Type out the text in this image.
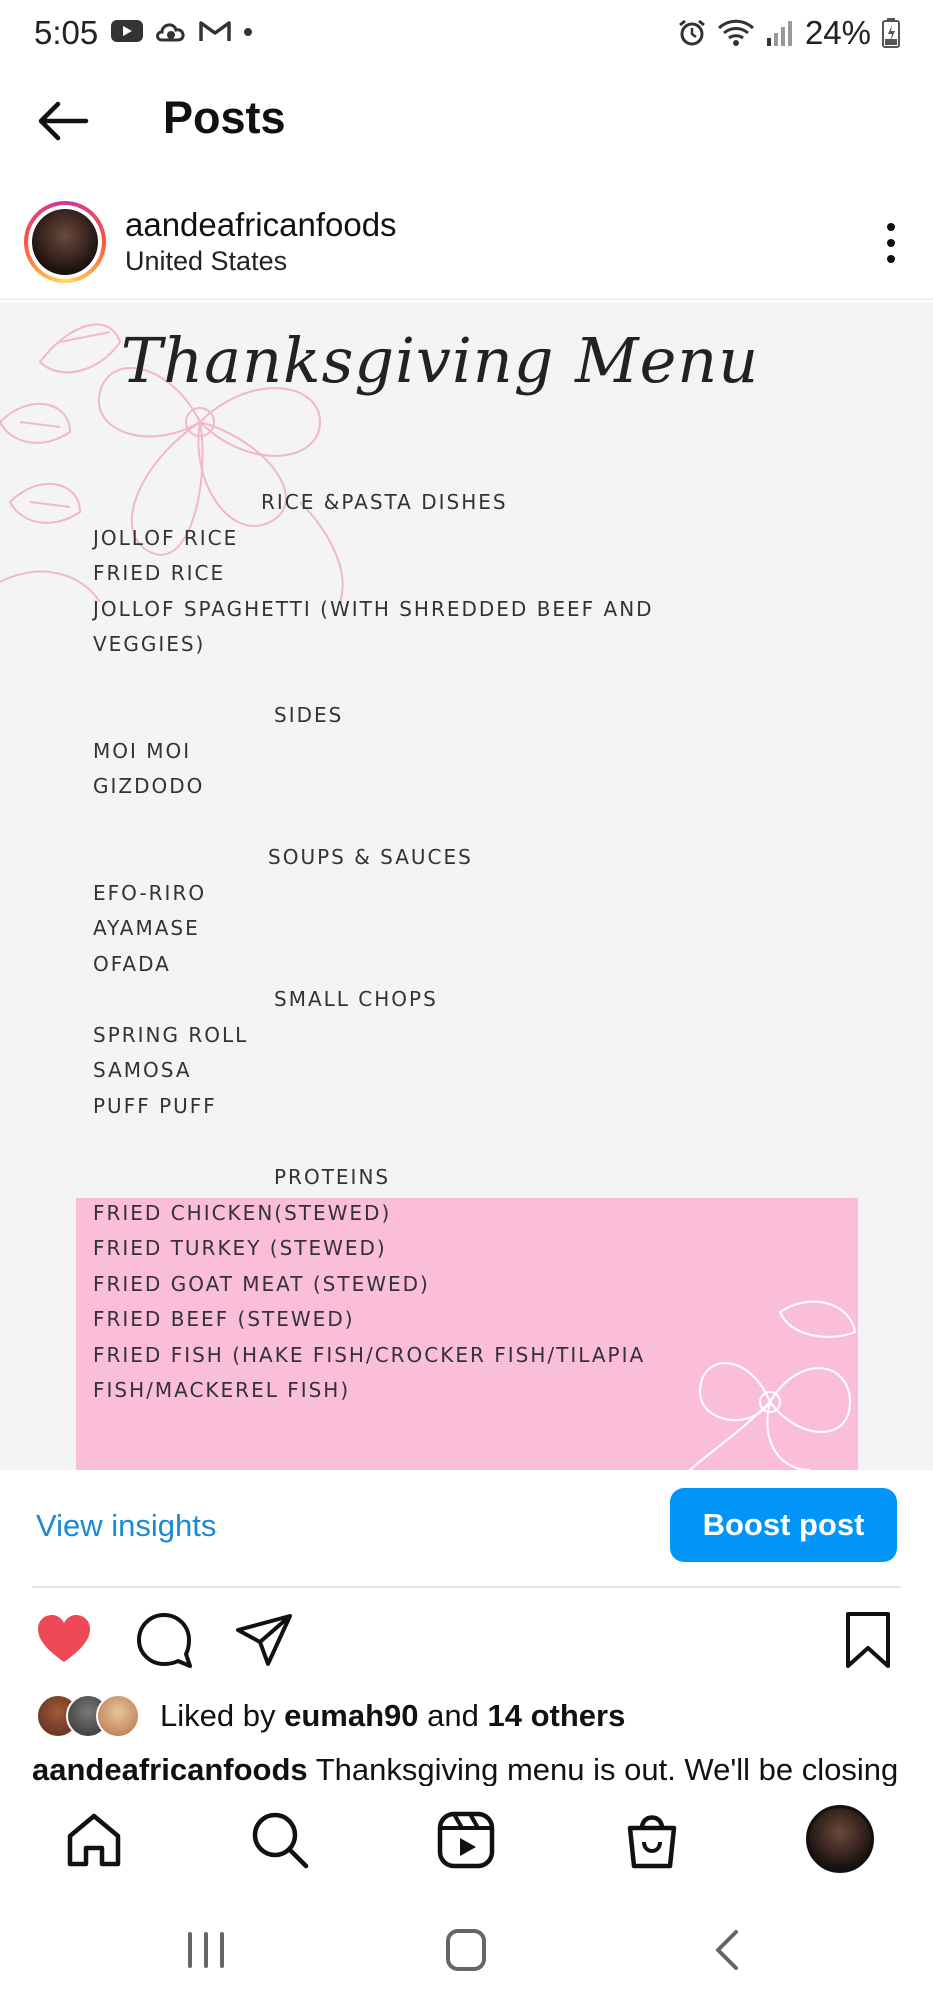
5:05	24%
Posts
aandeafricanfoods
United States
Thanksgiving Menu
RICE &PASTA DISHES
JOLLOF RICE
FRIED RICE
JOLLOF SPAGHETTI (WITH SHREDDED BEEF AND
VEGGIES)
SIDES
MOI MOI
GIZDODO
SOUPS & SAUCES
EFO-RIRO
AYAMASE
OFADA
SMALL CHOPS
SPRING ROLL
SAMOSA
PUFF PUFF
PROTEINS
FRIED CHICKEN(STEWED)
FRIED TURKEY (STEWED)
FRIED GOAT MEAT (STEWED)
FRIED BEEF (STEWED)
FRIED FISH (HAKE FISH/CROCKER FISH/TILAPIA
FISH/MACKEREL FISH)
View insights	Boost post
Liked by eumah90 and 14 others
aandeafricanfoods Thanksgiving menu is out. We'll be closing
